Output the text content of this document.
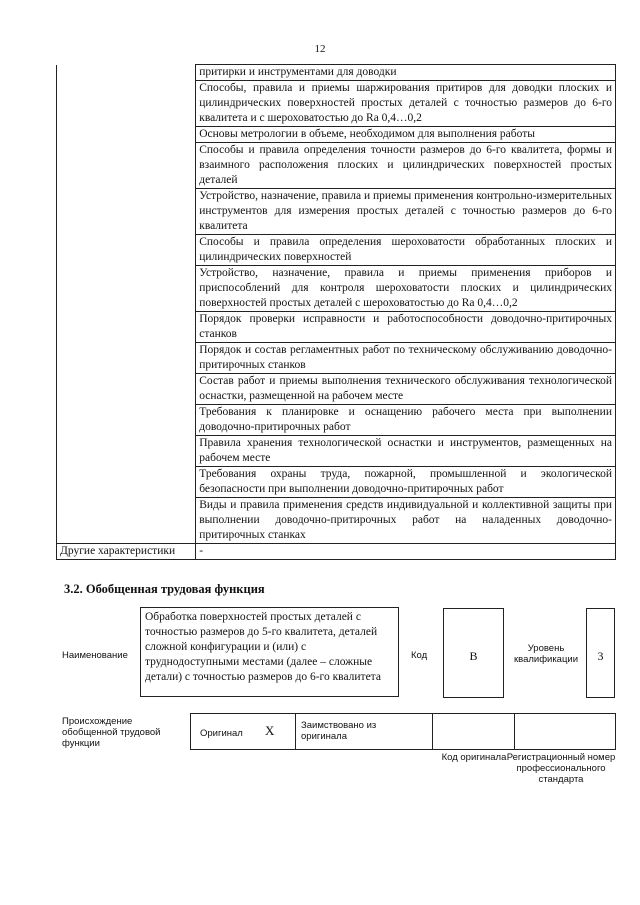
12
	притирки и инструментами для доводки
	Способы, правила и приемы шаржирования притиров для доводки плоских и цилиндрических поверхностей простых деталей с точностью размеров до 6-го квалитета и с шероховатостью до Ra 0,4…0,2
	Основы метрологии в объеме, необходимом для выполнения работы
	Способы и правила определения точности размеров до 6-го квалитета, формы и взаимного расположения плоских и цилиндрических поверхностей простых деталей
	Устройство, назначение, правила и приемы применения контрольно-измерительных инструментов для измерения простых деталей с точностью размеров до 6-го квалитета
	Способы и правила определения шероховатости обработанных плоских и цилиндрических поверхностей
	Устройство, назначение, правила и приемы применения приборов и приспособлений для контроля шероховатости плоских и цилиндрических поверхностей простых деталей с шероховатостью до Ra 0,4…0,2
	Порядок проверки исправности и работоспособности доводочно-притирочных станков
	Порядок и состав регламентных работ по техническому обслуживанию доводочно-притирочных станков
	Состав работ и приемы выполнения технического обслуживания технологической оснастки, размещенной на рабочем месте
	Требования к планировке и оснащению рабочего места при выполнении доводочно-притирочных работ
	Правила хранения технологической оснастки и инструментов, размещенных на рабочем месте
	Требования охраны труда, пожарной, промышленной и экологической безопасности при выполнении доводочно-притирочных работ
	Виды и правила применения средств индивидуальной и коллективной защиты при выполнении доводочно-притирочных работ на наладенных доводочно-притирочных станках
Другие характеристики	-
3.2. Обобщенная трудовая функция
Наименование
Обработка поверхностей простых деталей с точностью размеров до 5-го квалитета, деталей сложной конфигурации и (или) с труднодоступными местами (далее – сложные детали) с точностью размеров до 6-го квалитета
Код	B
Уровень квалификации	3
Происхождение обобщенной трудовой функции
Оригинал X	Заимствовано из оригинала
Код оригинала Регистрационный номер профессионального стандарта
